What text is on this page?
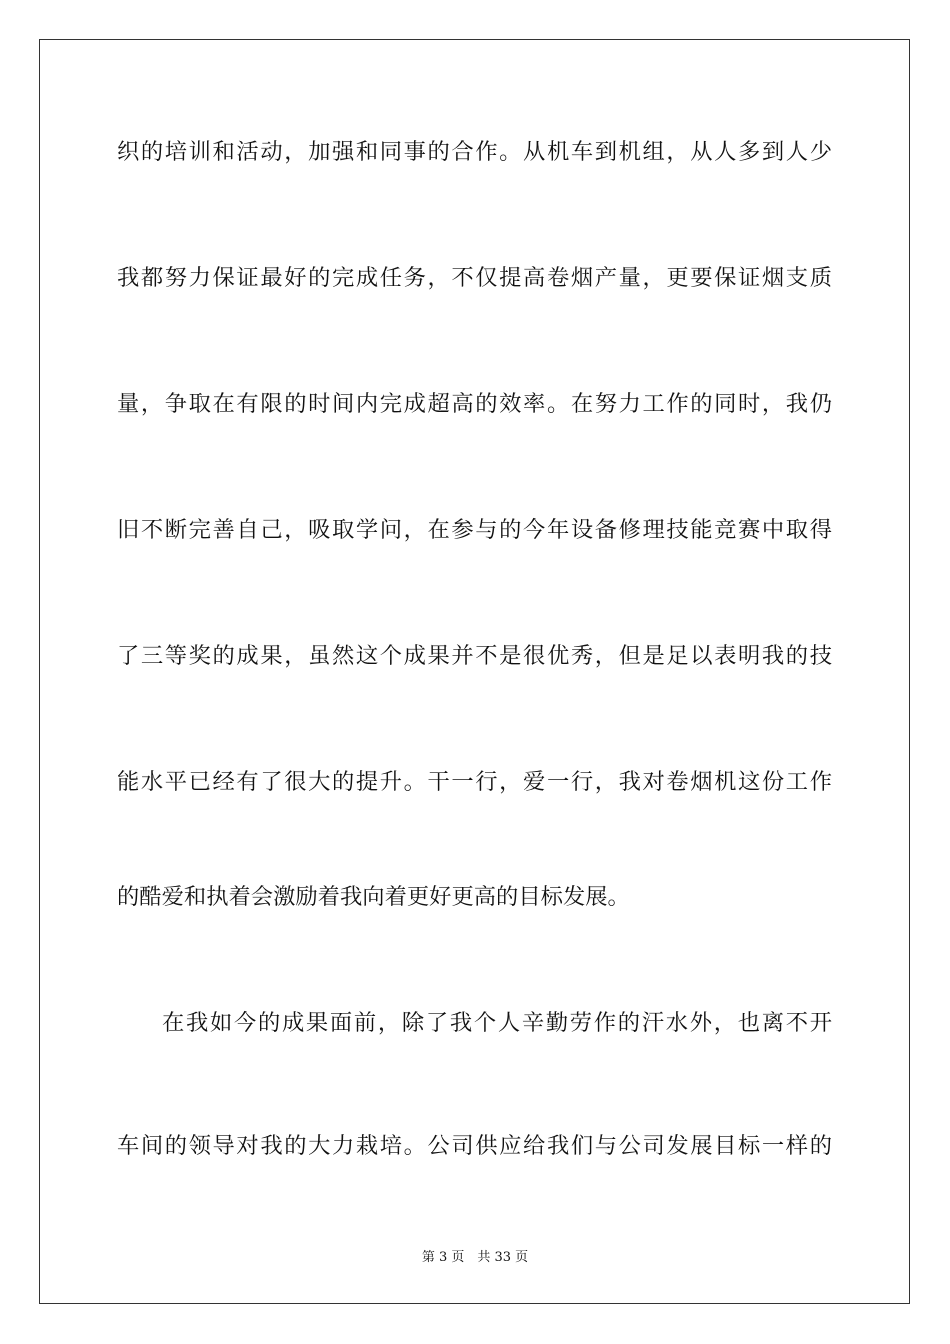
织的培训和活动，加强和同事的合作。从机车到机组，从人多到人少
我都努力保证最好的完成任务，不仅提高卷烟产量，更要保证烟支质
量，争取在有限的时间内完成超高的效率。在努力工作的同时，我仍
旧不断完善自己，吸取学问，在参与的今年设备修理技能竞赛中取得
了三等奖的成果，虽然这个成果并不是很优秀，但是足以表明我的技
能水平已经有了很大的提升。干一行，爱一行，我对卷烟机这份工作
的酷爱和执着会激励着我向着更好更高的目标发展。
在我如今的成果面前，除了我个人辛勤劳作的汗水外，也离不开
车间的领导对我的大力栽培。公司供应给我们与公司发展目标一样的
第 3 页　共 33 页
